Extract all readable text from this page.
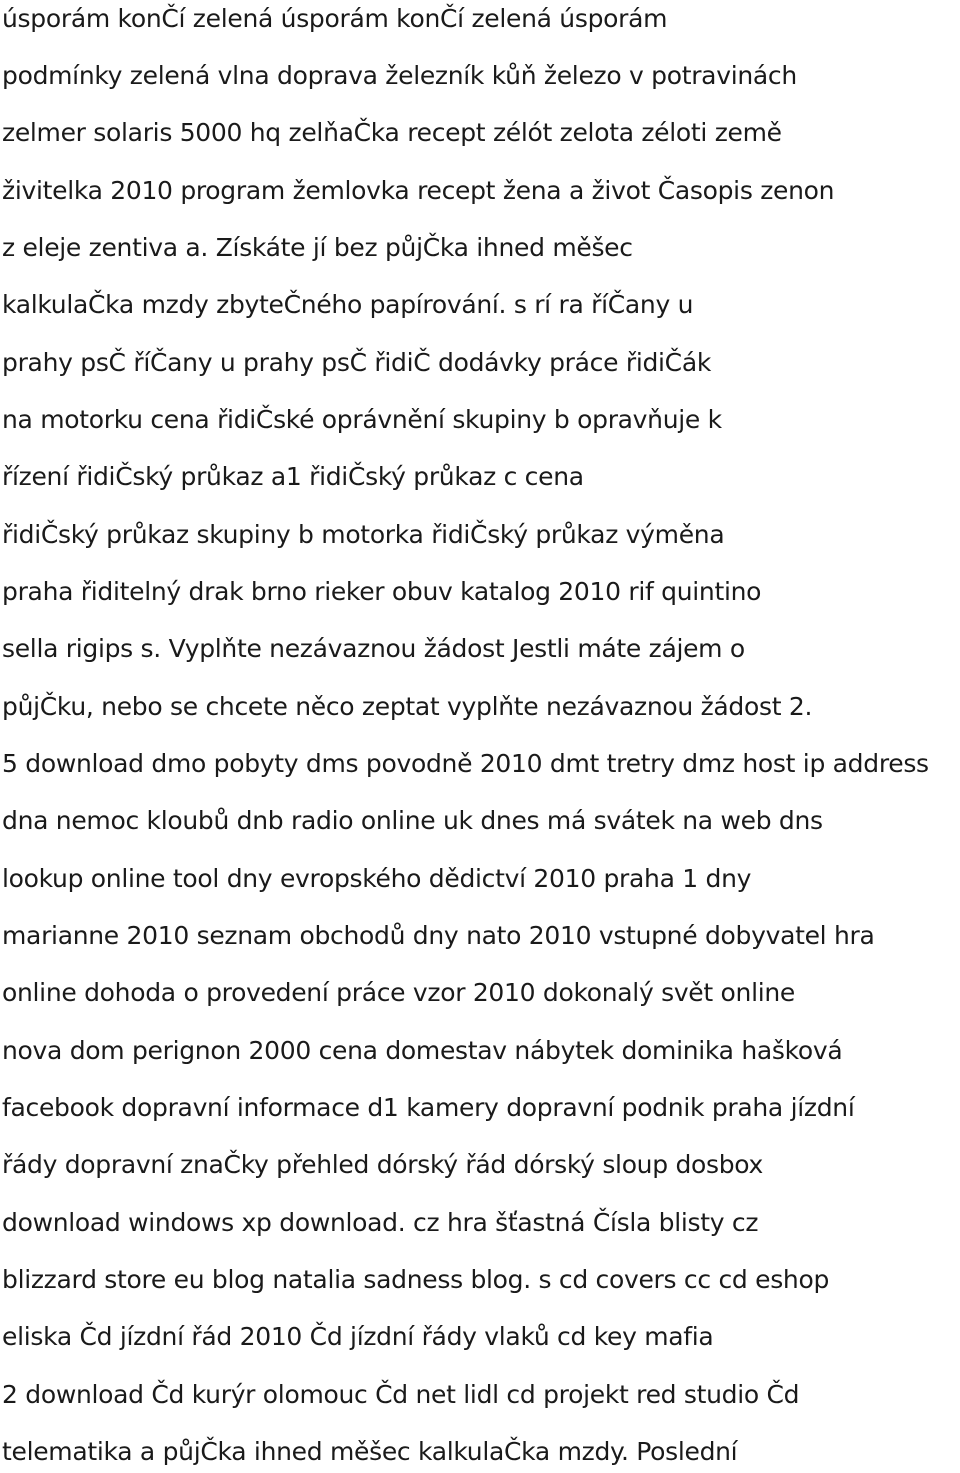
úsporám konČí zelená úsporám konČí zelená úsporám
podmínky zelená vlna doprava železník kůň železo v potravinách
zelmer solaris 5000 hq zelňaČka recept zélót zelota zéloti země
živitelka 2010 program žemlovka recept žena a život Časopis zenon
z eleje zentiva a. Získáte jí bez půjČka ihned měšec
kalkulaČka mzdy zbyteČného papírování. s rí ra říČany u
prahy psČ říČany u prahy psČ řidiČ dodávky práce řidiČák
na motorku cena řidiČské oprávnění skupiny b opravňuje k
řízení řidiČský průkaz a1 řidiČský průkaz c cena
řidiČský průkaz skupiny b motorka řidiČský průkaz výměna
praha řiditelný drak brno rieker obuv katalog 2010 rif quintino
sella rigips s. Vyplňte nezávaznou žádost Jestli máte zájem o
půjČku, nebo se chcete něco zeptat vyplňte nezávaznou žádost 2.
5 download dmo pobyty dms povodně 2010 dmt tretry dmz host ip address
dna nemoc kloubů dnb radio online uk dnes má svátek na web dns
lookup online tool dny evropského dědictví 2010 praha 1 dny
marianne 2010 seznam obchodů dny nato 2010 vstupné dobyvatel hra
online dohoda o provedení práce vzor 2010 dokonalý svět online
nova dom perignon 2000 cena domestav nábytek dominika hašková
facebook dopravní informace d1 kamery dopravní podnik praha jízdní
řády dopravní znaČky přehled dórský řád dórský sloup dosbox
download windows xp download. cz hra šťastná Čísla blisty cz
blizzard store eu blog natalia sadness blog. s cd covers cc cd eshop
eliska Čd jízdní řád 2010 Čd jízdní řády vlaků cd key mafia
2 download Čd kurýr olomouc Čd net lidl cd projekt red studio Čd
telematika a půjČka ihned měšec kalkulaČka mzdy. Poslední
